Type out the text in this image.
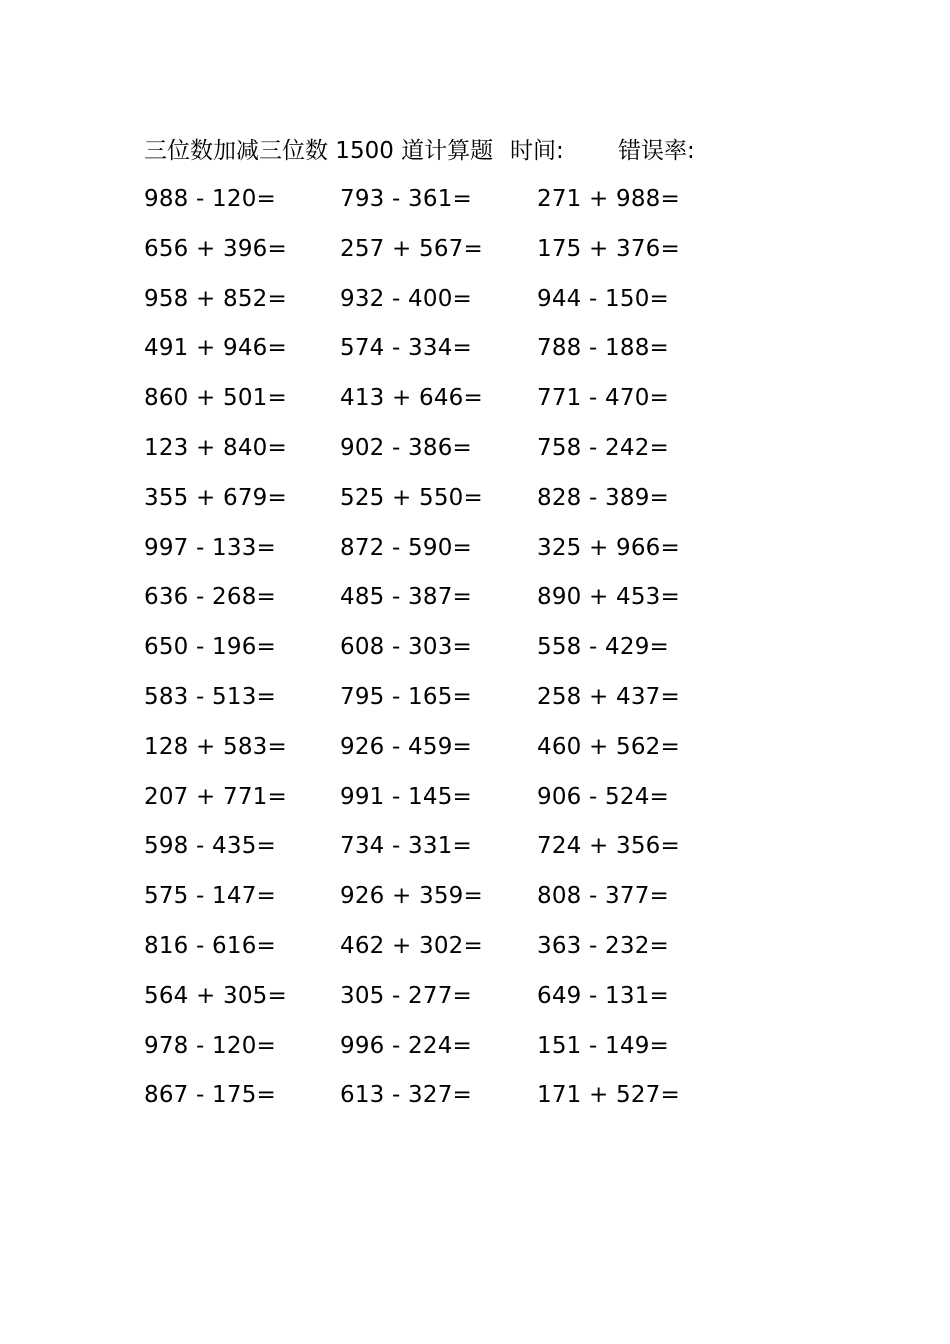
三位数加减三位数 1500 道计算题 时间: 错误率:
988 - 120=	793 - 361=	271 + 988=
656 + 396= 257 + 567= 175 + 376=
958 + 852= 932 - 400=	944 - 150=
491 + 946= 574 - 334=	788 - 188=
860 + 501= 413 + 646= 771 - 470=
123 + 840= 902 - 386=	758 - 242=
355 + 679= 525 + 550= 828 - 389=
997 - 133=	872 - 590=	325 + 966=
636 - 268=	485 - 387=	890 + 453=
650 - 196=	608 - 303=	558 - 429=
583 - 513=	795 - 165=	258 + 437=
128 + 583= 926 - 459=	460 + 562=
207 + 771= 991 - 145=	906 - 524=
598 - 435=	734 - 331=	724 + 356=
575 - 147=	926 + 359= 808 - 377=
816 - 616=	462 + 302= 363 - 232=
564 + 305= 305 - 277=	649 - 131=
978 - 120=	996 - 224=	151 - 149=
867 - 175=	613 - 327=	171 + 527=
